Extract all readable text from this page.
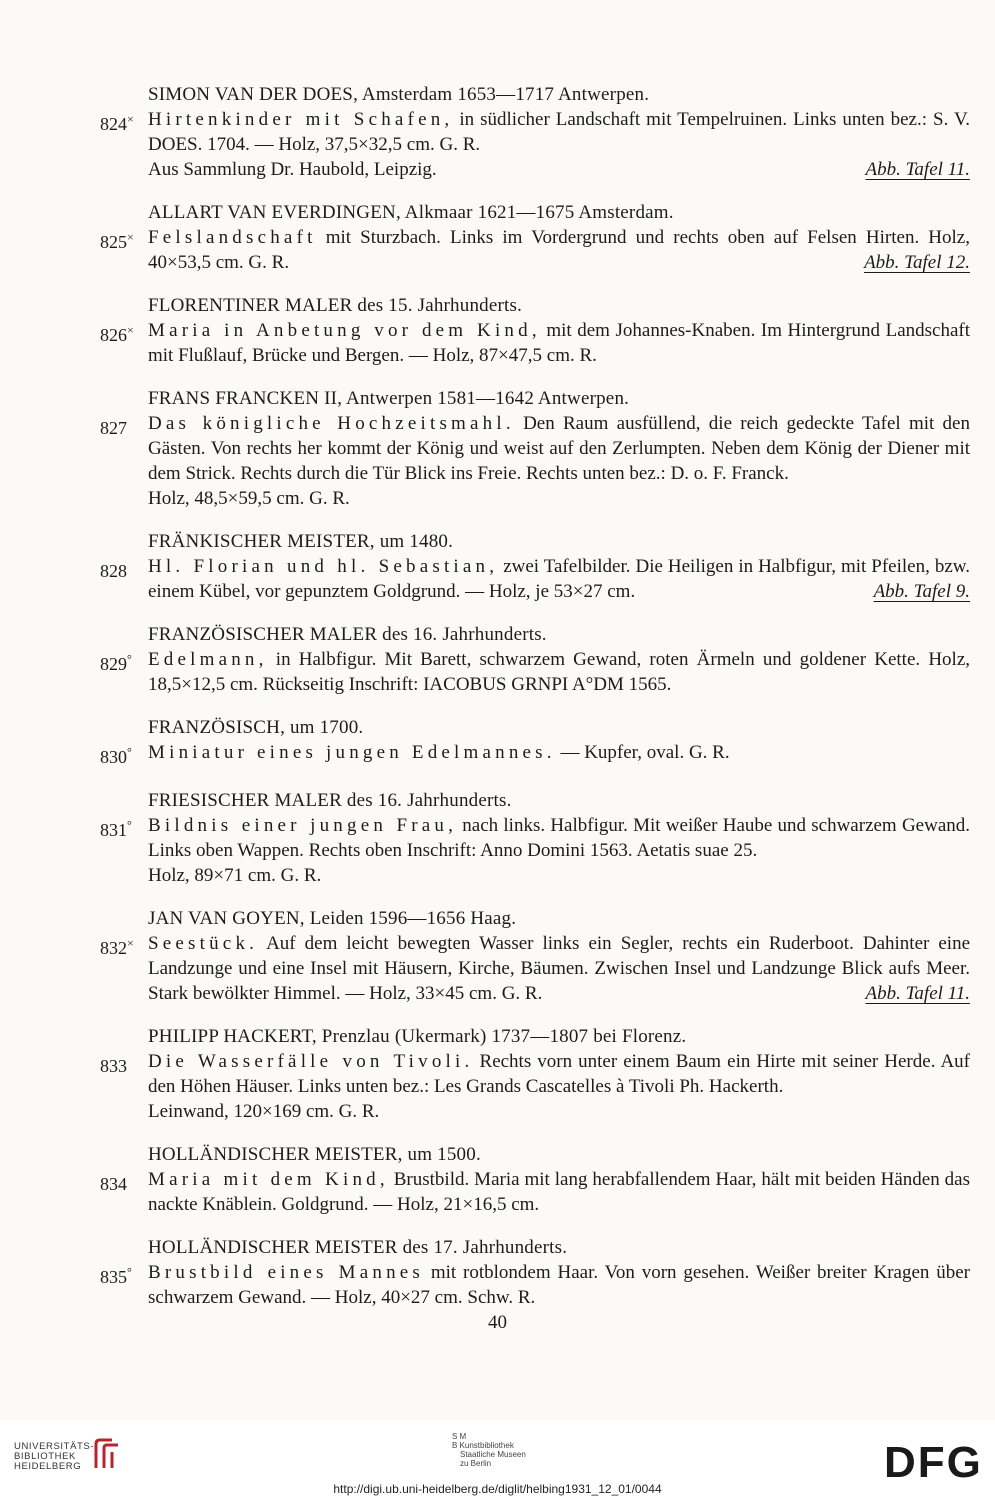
SIMON VAN DER DOES, Amsterdam 1653—1717 Antwerpen.
824× Hirtenkinder mit Schafen, in südlicher Landschaft mit Tempelruinen. Links unten bez.: S. V. DOES. 1704. — Holz, 37,5×32,5 cm. G. R.
Aus Sammlung Dr. Haubold, Leipzig.	Abb. Tafel 11.
ALLART VAN EVERDINGEN, Alkmaar 1621—1675 Amsterdam.
825× Felslandschaft mit Sturzbach. Links im Vordergrund und rechts oben auf Felsen Hirten. Holz, 40×53,5 cm. G. R.	Abb. Tafel 12.
FLORENTINER MALER des 15. Jahrhunderts.
826× Maria in Anbetung vor dem Kind, mit dem Johannes-Knaben. Im Hintergrund Landschaft mit Flußlauf, Brücke und Bergen. — Holz, 87×47,5 cm. R.
FRANS FRANCKEN II, Antwerpen 1581—1642 Antwerpen.
827	Das königliche Hochzeitsmahl. Den Raum ausfüllend, die reich gedeckte Tafel mit den Gästen. Von rechts her kommt der König und weist auf den Zerlumpten. Neben dem König der Diener mit dem Strick. Rechts durch die Tür Blick ins Freie. Rechts unten bez.: D. o. F. Franck.
Holz, 48,5×59,5 cm. G. R.
FRÄNKISCHER MEISTER, um 1480.
828	Hl. Florian und hl. Sebastian, zwei Tafelbilder. Die Heiligen in Halbfigur, mit Pfeilen, bzw. einem Kübel, vor gepunztem Goldgrund. — Holz, je 53×27 cm.	Abb. Tafel 9.
FRANZÖSISCHER MALER des 16. Jahrhunderts.
829° Edelmann, in Halbfigur. Mit Barett, schwarzem Gewand, roten Ärmeln und goldener Kette. Holz, 18,5×12,5 cm. Rückseitig Inschrift: IACOBUS GRNPI A°DM 1565.
FRANZÖSISCH, um 1700.
830° Miniatur eines jungen Edelmannes. — Kupfer, oval. G. R.
FRIESISCHER MALER des 16. Jahrhunderts.
831° Bildnis einer jungen Frau, nach links. Halbfigur. Mit weißer Haube und schwarzem Gewand. Links oben Wappen. Rechts oben Inschrift: Anno Domini 1563. Aetatis suae 25.
Holz, 89×71 cm. G. R.
JAN VAN GOYEN, Leiden 1596—1656 Haag.
832× Seestück. Auf dem leicht bewegten Wasser links ein Segler, rechts ein Ruderboot. Dahinter eine Landzunge und eine Insel mit Häusern, Kirche, Bäumen. Zwischen Insel und Landzunge Blick aufs Meer. Stark bewölkter Himmel. — Holz, 33×45 cm. G. R.	Abb. Tafel 11.
PHILIPP HACKERT, Prenzlau (Ukermark) 1737—1807 bei Florenz.
833	Die Wasserfälle von Tivoli. Rechts vorn unter einem Baum ein Hirte mit seiner Herde. Auf den Höhen Häuser. Links unten bez.: Les Grands Cascatelles à Tivoli Ph. Hackerth.
Leinwand, 120×169 cm. G. R.
HOLLÄNDISCHER MEISTER, um 1500.
834	Maria mit dem Kind, Brustbild. Maria mit lang herabfallendem Haar, hält mit beiden Händen das nackte Knäblein. Goldgrund. — Holz, 21×16,5 cm.
HOLLÄNDISCHER MEISTER des 17. Jahrhunderts.
835° Brustbild eines Mannes mit rotblondem Haar. Von vorn gesehen. Weißer breiter Kragen über schwarzem Gewand. — Holz, 40×27 cm. Schw. R.
40
UNIVERSITÄTS-
BIBLIOTHEK
HEIDELBERG
S M
B Kunstbibliothek
Staatliche Museen
zu Berlin	DFG
http://digi.ub.uni-heidelberg.de/diglit/helbing1931_12_01/0044
